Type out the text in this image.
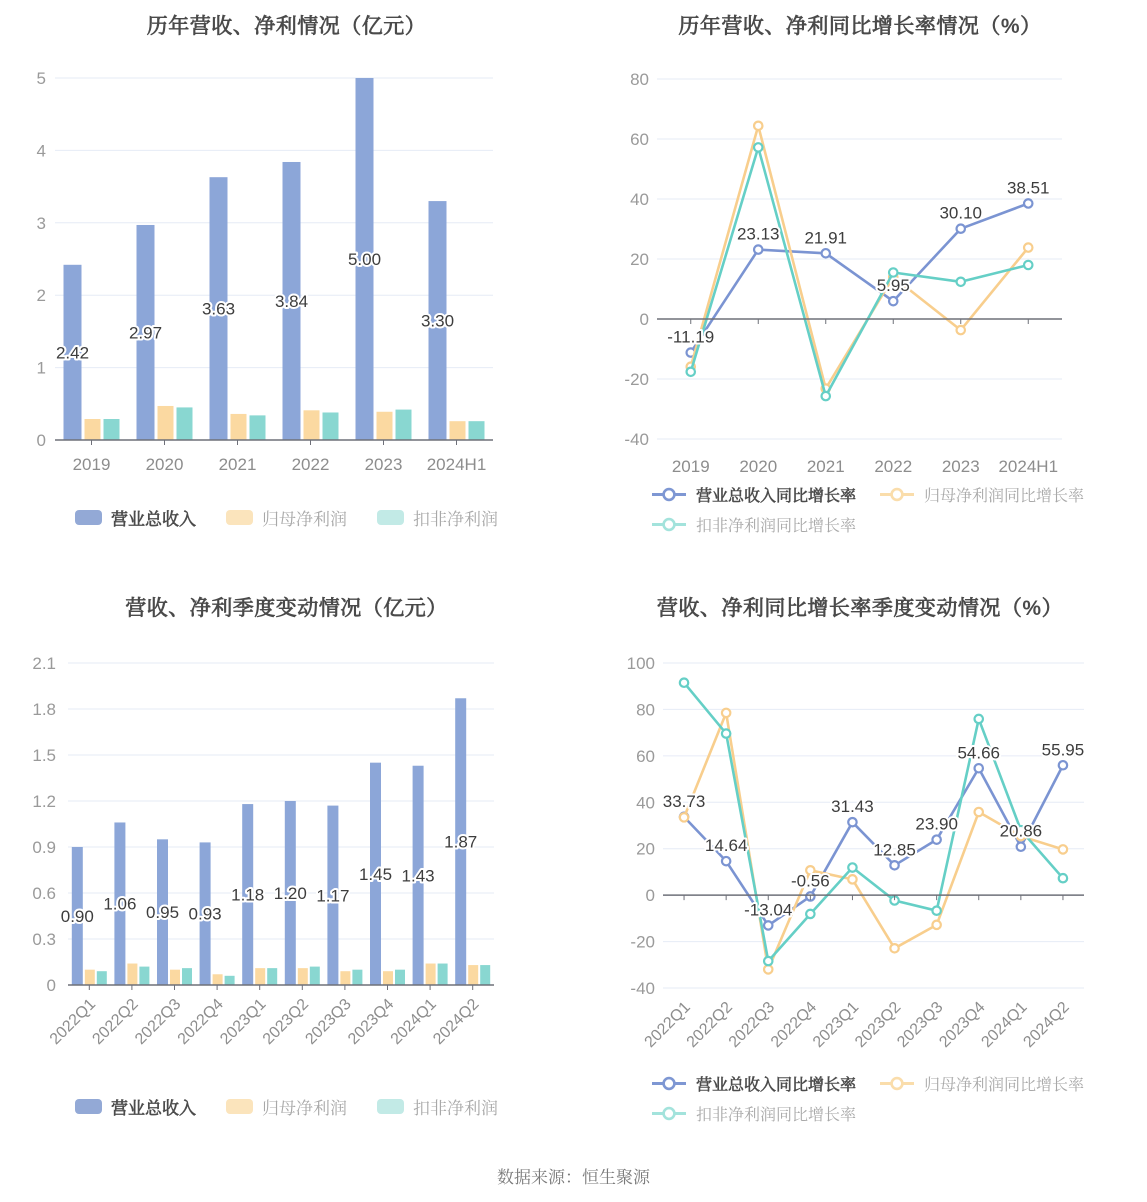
历年营收、净利情况（亿元）
0
1
2
3
4
5
2019 2020 2021 2022 2023 2024H1
2.42
2.97
3.63 3.84
5.00
3.30
营业总收入	归母净利润	扣非净利润
历年营收、净利同比增长率情况（%）
-40
-20
0
20
40
60
80
2019 2020 2021 2022 2023 2024H1
-11.19
23.13 21.91
5.95
30.10
38.51
营业总收入同比增长率	归母净利润同比增长率
扣非净利润同比增长率
营收、净利季度变动情况（亿元）
0
0.3
0.6
0.9
1.2
1.5
1.8
2.1
2022Q1
2022Q2
2022Q3
2022Q4
2023Q1
2023Q2
2023Q3
2023Q4
2024Q1
2024Q2
0.90
1.06 0.95 0.93
1.18 1.20 1.17
1.45 1.43
1.87
营业总收入	归母净利润	扣非净利润
营收、净利同比增长率季度变动情况（%）
-40
-20
0
20
40
60
80
100
2022Q1
2022Q2
2022Q3
2022Q4
2023Q1
2023Q2
2023Q3
2023Q4
2024Q1
2024Q2
33.73
14.64
-13.04
-0.56
31.43
12.85
23.90
54.66
20.86
55.95
营业总收入同比增长率	归母净利润同比增长率
扣非净利润同比增长率
数据来源：恒生聚源
